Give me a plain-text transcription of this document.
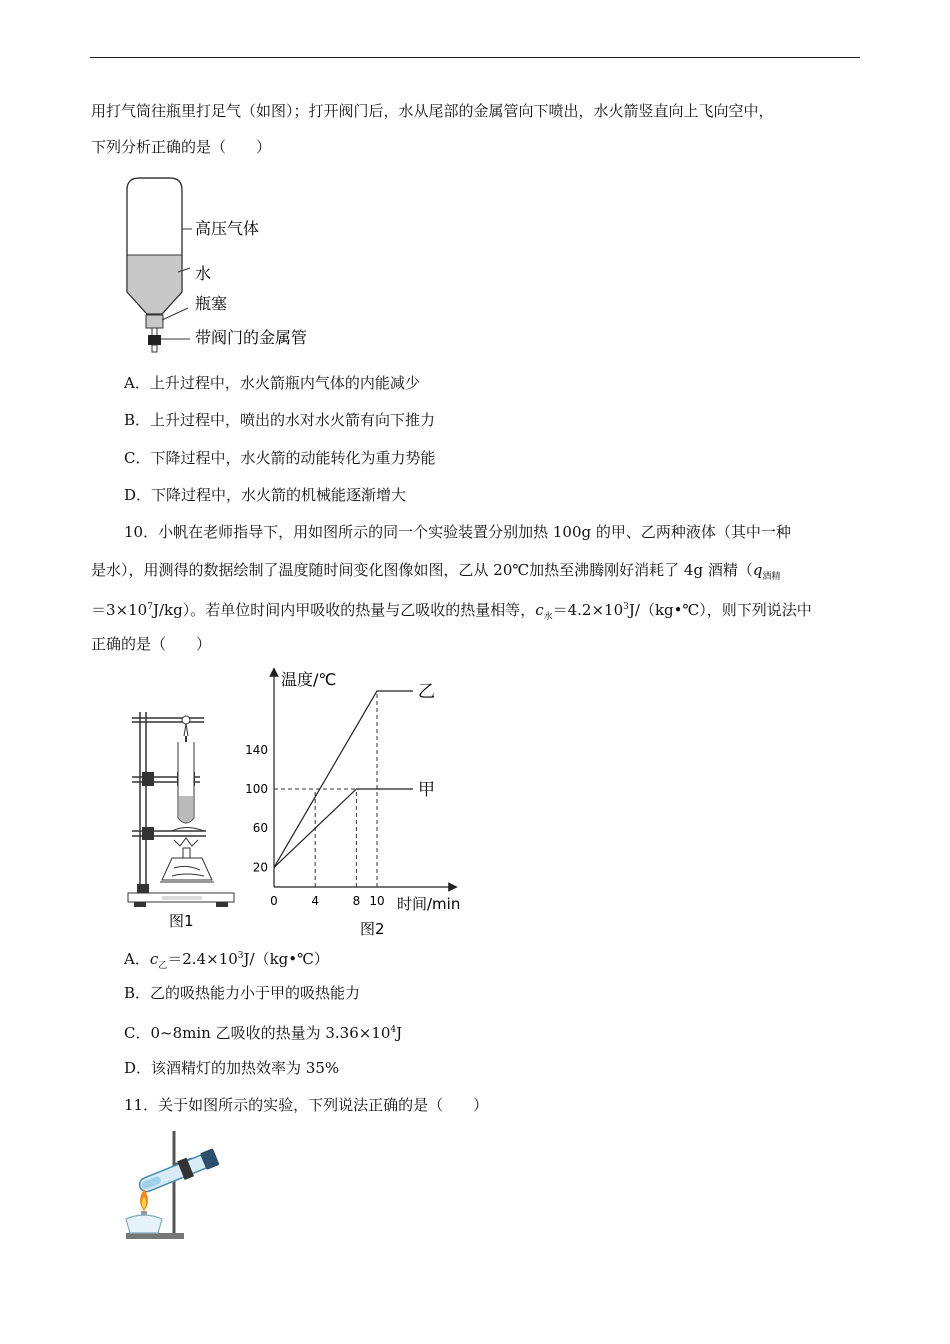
用打气筒往瓶里打足气（如图）；打开阀门后，水从尾部的金属管向下喷出，水火箭竖直向上飞向空中，
下列分析正确的是（　　）
高压气体
水
瓶塞
带阀门的金属管
A．上升过程中，水火箭瓶内气体的内能减少
B．上升过程中，喷出的水对水火箭有向下推力
C．下降过程中，水火箭的动能转化为重力势能
D．下降过程中，水火箭的机械能逐渐增大
10．小帆在老师指导下，用如图所示的同一个实验装置分别加热 100g 的甲、乙两种液体（其中一种
是水），用测得的数据绘制了温度随时间变化图像如图，乙从 20℃加热至沸腾刚好消耗了 4g 酒精（$q_{酒精}$
$=3\times 10^7J/kg$）。若单位时间内甲吸收的热量与乙吸收的热量相等，$c_水=4.2\times 10^3J/(kg•℃)$，则下列说法中
正确的是（　　）
图1
温度/℃
时间/min
乙
甲
0	4	8 10
20
60
100
140
图2
A．$c_乙=2.4\times 10^3J/(kg•℃)$
B．乙的吸热能力小于甲的吸热能力
C．0~8min 乙吸收的热量为 $3.36\times 10^4J$
D．该酒精灯的加热效率为 35%
11．关于如图所示的实验，下列说法正确的是（　　）
